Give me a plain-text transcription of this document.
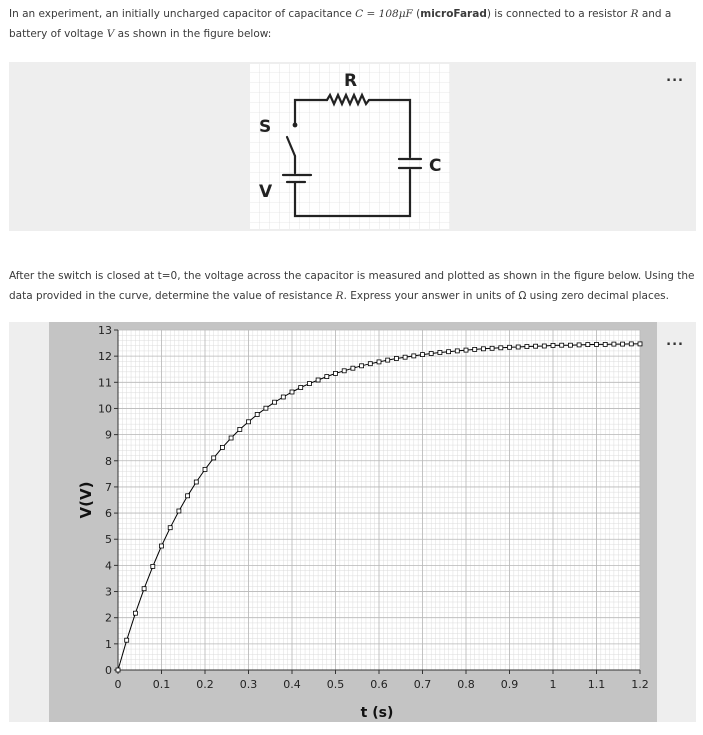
In an experiment, an initially uncharged capacitor of capacitance C = 108μF (microFarad) is connected to a resistor R and a battery of voltage V as shown in the figure below:
...
R
S
V
C
After the switch is closed at t=0, the voltage across the capacitor is measured and plotted as shown in the figure below. Using the data provided in the curve, determine the value of resistance R. Express your answer in units of Ω using zero decimal places.
...
0	0.1 0.2 0.3 0.4 0.5 0.6 0.7 0.8 0.9	1	1.1 1.2
0
1
2
3
4
5
6
7
8
9
10
11
12
13
t (s)
V(V)
